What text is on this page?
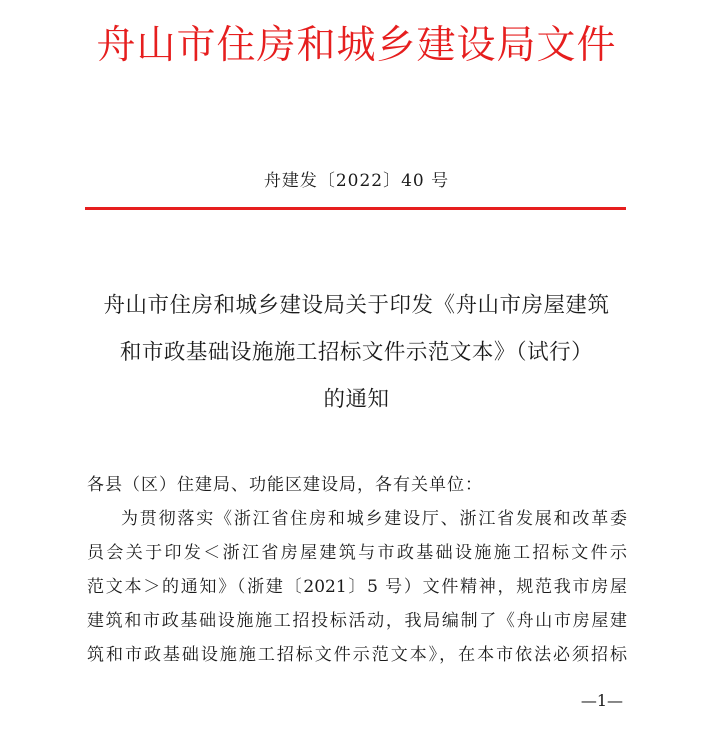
舟山市住房和城乡建设局文件
舟建发〔2022〕40 号
舟山市住房和城乡建设局关于印发《舟山市房屋建筑
和市政基础设施施工招标文件示范文本》（试行）
的通知
各县（区）住建局、功能区建设局，各有关单位：
为贯彻落实《浙江省住房和城乡建设厅、浙江省发展和改革委
员会关于印发＜浙江省房屋建筑与市政基础设施施工招标文件示
范文本＞的通知》（浙建〔2021〕5 号）文件精神，规范我市房屋
建筑和市政基础设施施工招投标活动，我局编制了《舟山市房屋建
筑和市政基础设施施工招标文件示范文本》，在本市依法必须招标
—1—
